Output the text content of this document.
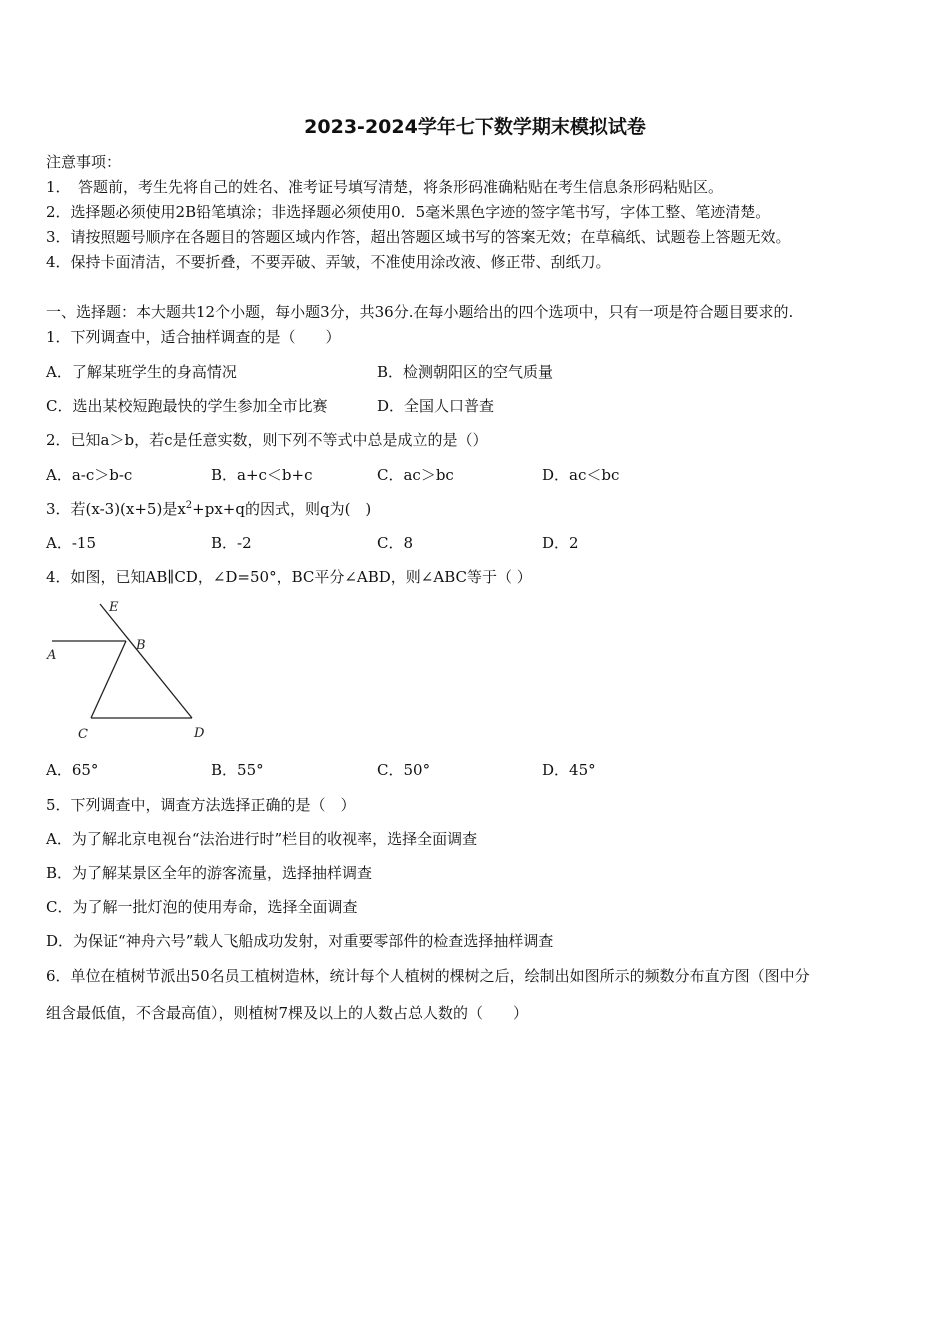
2023-2024学年七下数学期末模拟试卷
注意事项：
1．　答题前，考生先将自己的姓名、准考证号填写清楚，将条形码准确粘贴在考生信息条形码粘贴区。
2．选择题必须使用2B铅笔填涂；非选择题必须使用0．5毫米黑色字迹的签字笔书写，字体工整、笔迹清楚。
3．请按照题号顺序在各题目的答题区域内作答，超出答题区域书写的答案无效；在草稿纸、试题卷上答题无效。
4．保持卡面清洁，不要折叠，不要弄破、弄皱，不准使用涂改液、修正带、刮纸刀。
一、选择题：本大题共12个小题，每小题3分，共36分.在每小题给出的四个选项中，只有一项是符合题目要求的.
1．下列调查中，适合抽样调查的是（　　）
A．了解某班学生的身高情况	B．检测朝阳区的空气质量
C．选出某校短跑最快的学生参加全市比赛	D．全国人口普查
2．已知a＞b，若c是任意实数，则下列不等式中总是成立的是（）
A．a-c＞b-c	B．a+c＜b+c	C．ac＞bc	D．ac＜bc
3．若(x-3)(x+5)是$x^2+px+q$的因式，则q为(　)
A．-15	B．-2	C．8	D．2
4．如图，已知AB∥CD，∠D=50°，BC平分∠ABD，则∠ABC等于（ ）
E
B
A
C	D
A．65°	B．55°	C．50°	D．45°
5．下列调查中，调查方法选择正确的是（　）
A．为了解北京电视台“法治进行时”栏目的收视率，选择全面调查
B．为了解某景区全年的游客流量，选择抽样调查
C．为了解一批灯泡的使用寿命，选择全面调查
D．为保证“神舟六号”载人飞船成功发射，对重要零部件的检查选择抽样调查
6．单位在植树节派出50名员工植树造林，统计每个人植树的棵树之后，绘制出如图所示的频数分布直方图（图中分
组含最低值，不含最高值），则植树7棵及以上的人数占总人数的（　　）
